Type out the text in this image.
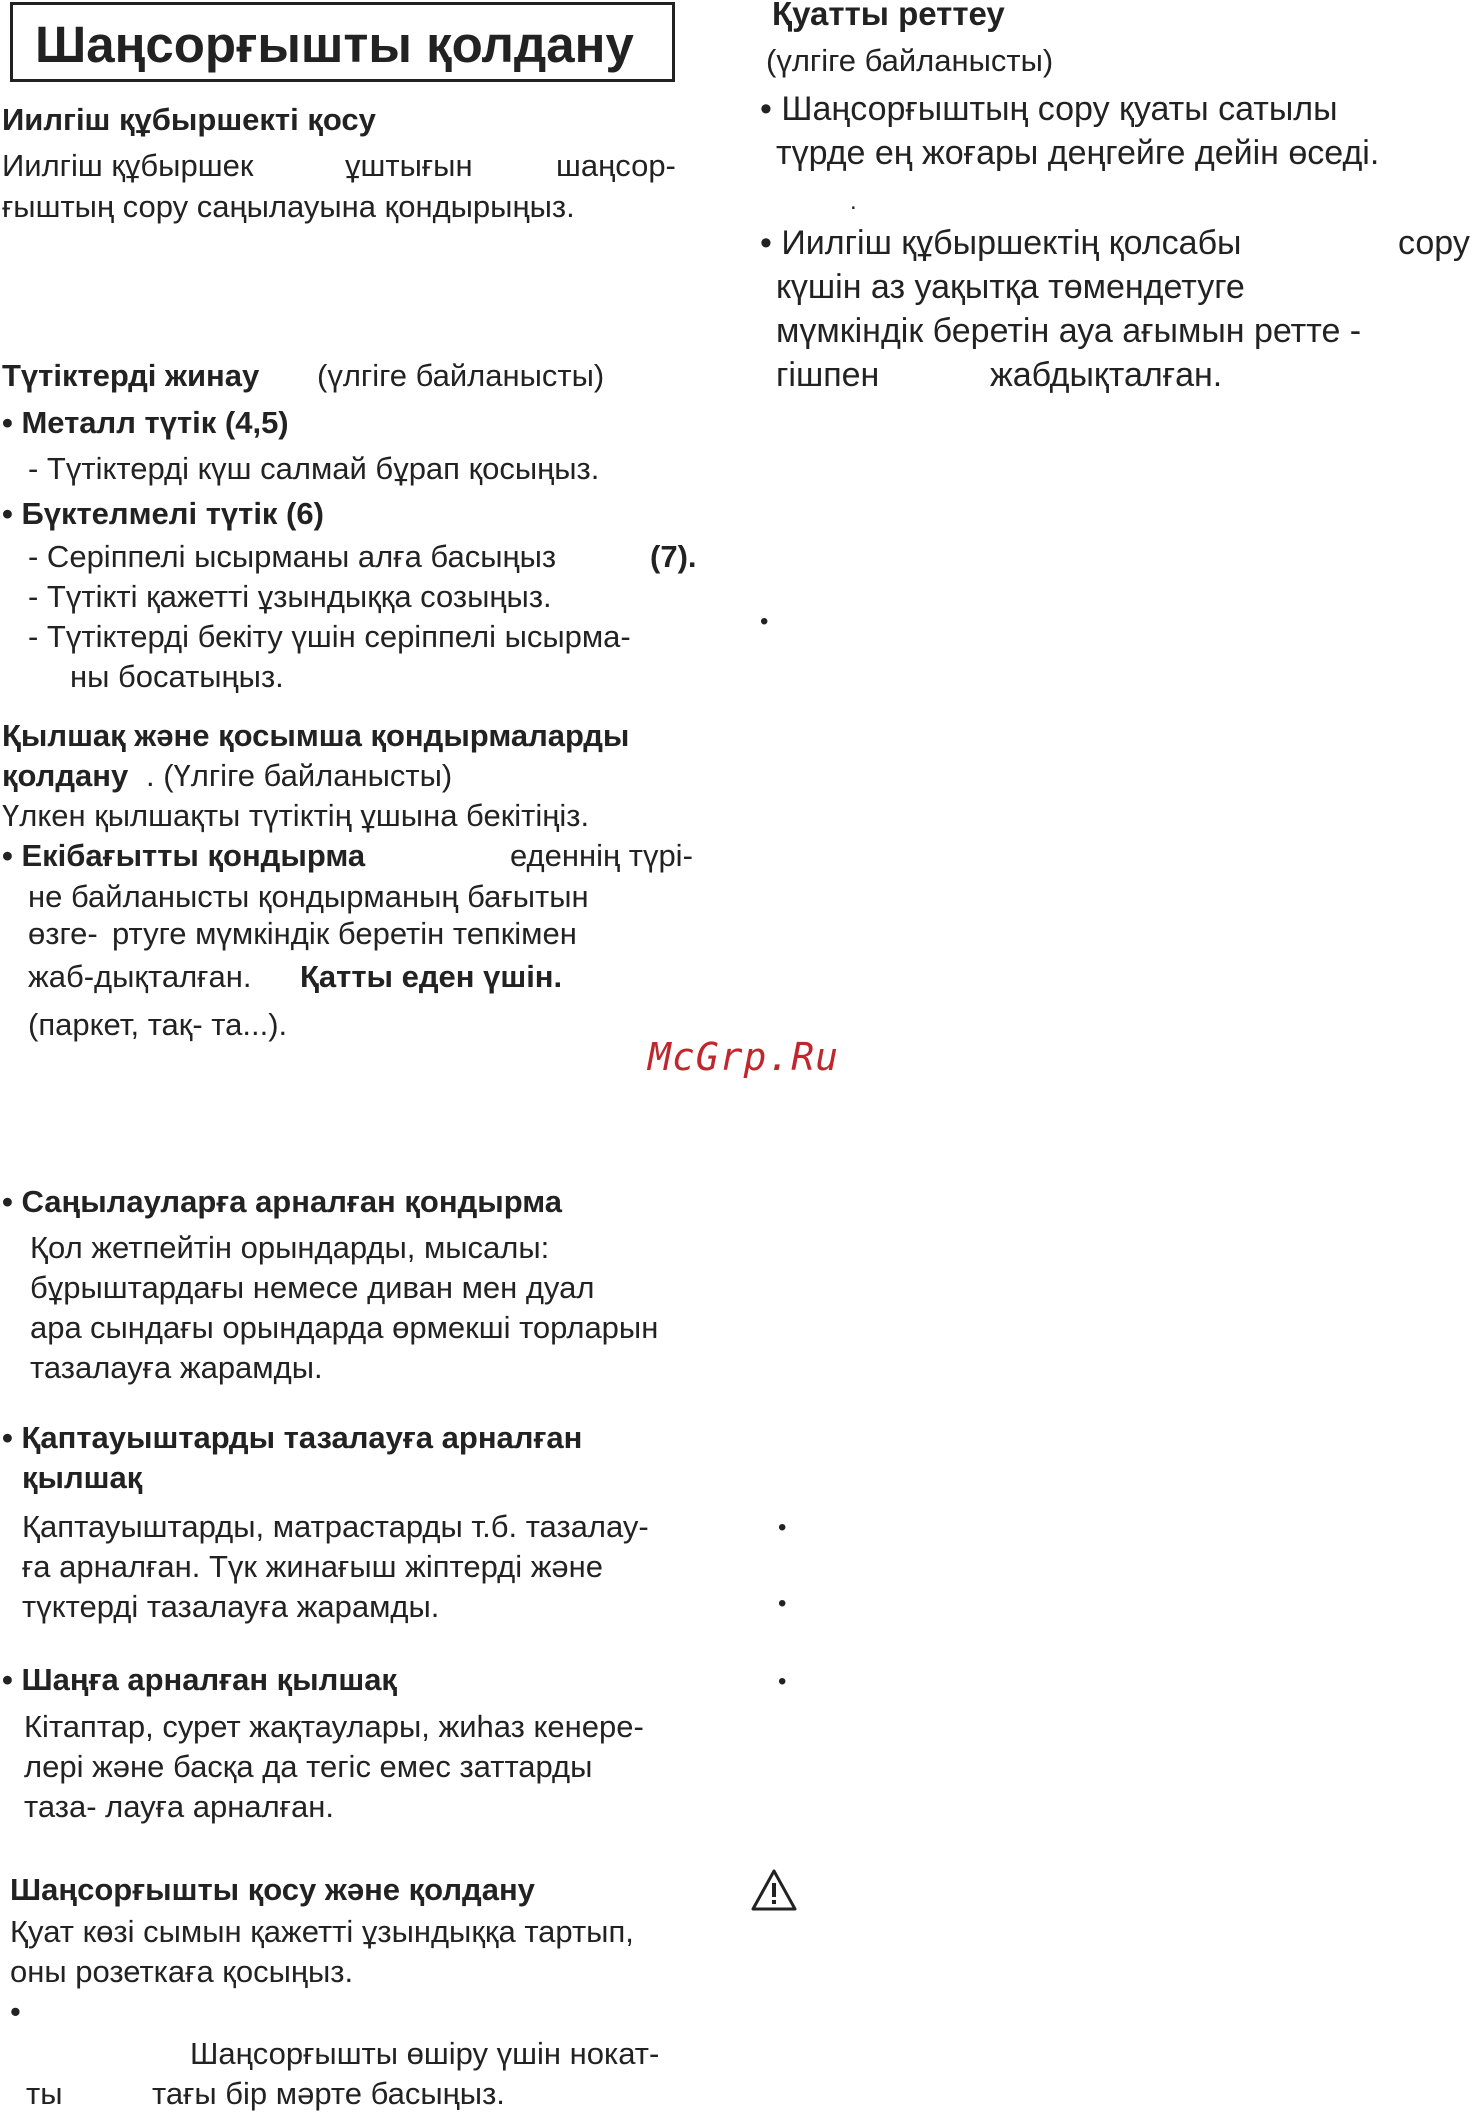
Шаңсорғышты қолдану
Қуатты реттеу
(үлгіге байланысты)
• Шаңсорғыштың сору қуаты сатылы
түрде ең жоғары деңгейге дейін өседі.
.
• Иилгіш құбыршектің қолсабы	сору
күшін аз уақытқа төмендетуге
мүмкіндік беретін ауа ағымын ретте -
гішпен	жабдықталған.
•
•
•
•
McGrp.Ru
Иилгіш құбыршекті қосу
Иилгіш құбыршек	ұштығын	шаңсор-
ғыштың сору саңылауына қондырыңыз.
Түтіктерді жинау (үлгіге байланысты)
• Металл түтік (4,5)
- Түтіктерді күш салмай бұрап қосыңыз.
• Бүктелмелі түтік (6)
- Серіппелі ысырманы алға басыңыз	(7).
- Түтікті қажетті ұзындыққа созыңыз.
- Түтіктерді бекіту үшін серіппелі ысырма-
ны босатыңыз.
Қылшақ және қосымша қондырмаларды
қолдану . (Үлгіге байланысты)
Үлкен қылшақты түтіктің ұшына бекітіңіз.
• Екібағытты қондырма	еденнің түрі-
не байланысты қондырманың бағытын
өзге- ртуге мүмкіндік беретін тепкімен
жаб-дықталған. Қатты еден үшін.
(паркет, тақ- та...).
• Саңылауларға арналған қондырма
Қол жетпейтін орындарды, мысалы:
бұрыштардағы немесе диван мен дуал
ара сындағы орындарда өрмекші торларын
тазалауға жарамды.
• Қаптауыштарды тазалауға арналған
қылшақ
Қаптауыштарды, матрастарды т.б. тазалау-
ға арналған. Түк жинағыш жіптерді және
түктерді тазалауға жарамды.
• Шаңға арналған қылшақ
Кітаптар, сурет жақтаулары, жиһаз кенере-
лері және басқа да тегіс емес заттарды
таза- лауға арналған.
Шаңсорғышты қосу және қолдану
Қуат көзі сымын қажетті ұзындыққа тартып,
оны розеткаға қосыңыз.
•
Шаңсорғышты өшіру үшін нокат-
ты	тағы бір мәрте басыңыз.
